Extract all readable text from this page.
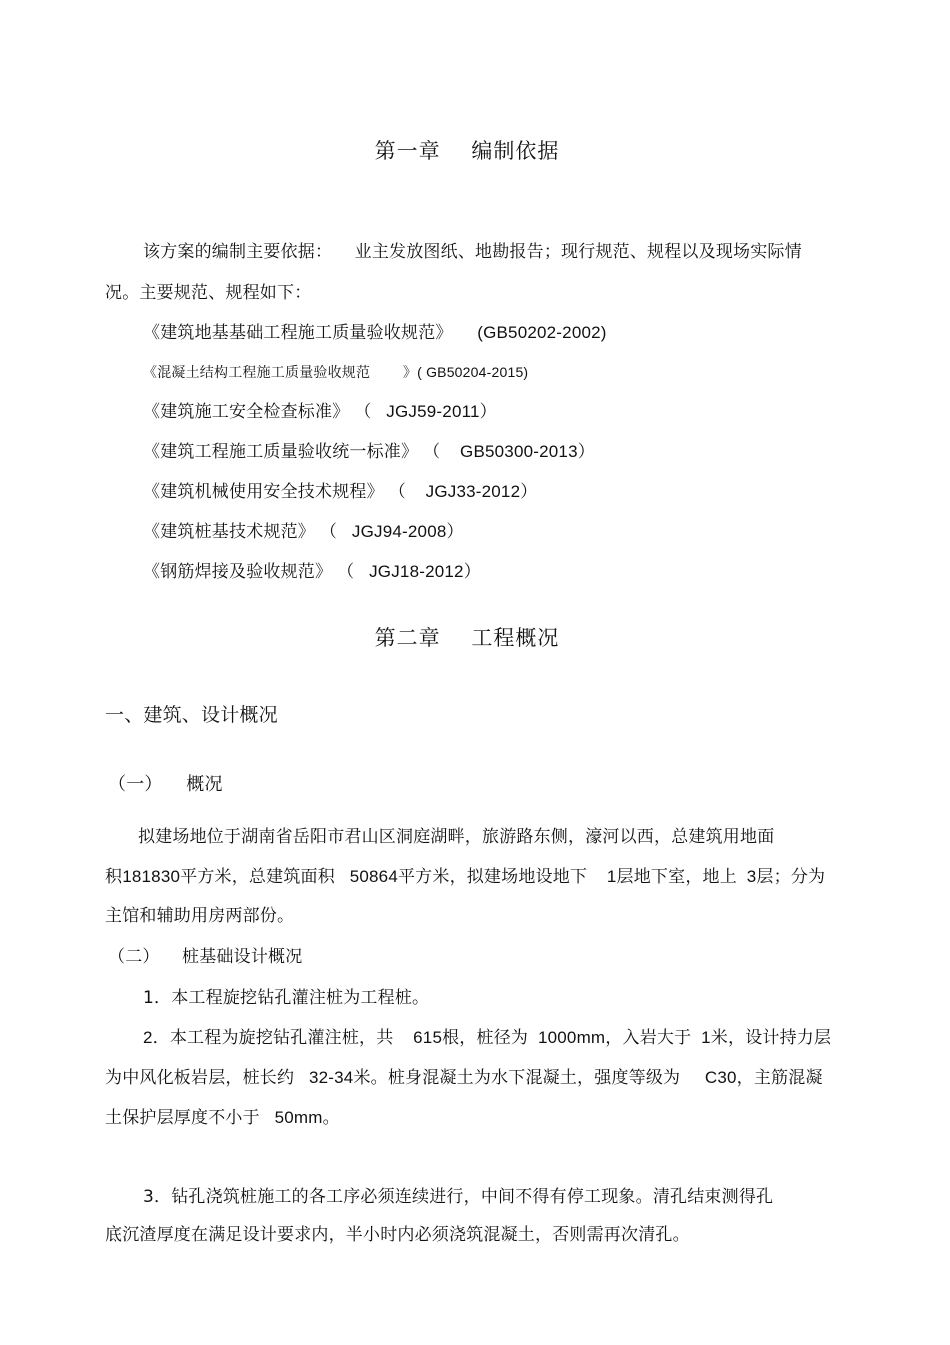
第一章    编制依据
该方案的编制主要依据：    业主发放图纸、地勘报告；现行规范、规程以及现场实际情
况。主要规范、规程如下：
《建筑地基基础工程施工质量验收规范》     (GB50202-2002)
《混凝土结构工程施工质量验收规范        》( GB50204-2015)
《建筑施工安全检查标准》 （   JGJ59-2011）
《建筑工程施工质量验收统一标准》 （    GB50300-2013）
《建筑机械使用安全技术规程》 （    JGJ33-2012）
《建筑桩基技术规范》 （   JGJ94-2008）
《钢筋焊接及验收规范》 （   JGJ18-2012）
第二章    工程概况
一、建筑、设计概况
（一）    概况
拟建场地位于湖南省岳阳市君山区洞庭湖畔，旅游路东侧，濠河以西，总建筑用地面
积181830平方米，总建筑面积   50864平方米，拟建场地设地下    1层地下室，地上  3层；分为
主馆和辅助用房两部份。
（二）    桩基础设计概况
1．本工程旋挖钻孔灌注桩为工程桩。
2．本工程为旋挖钻孔灌注桩，共    615根，桩径为  1000mm，入岩大于  1米，设计持力层
为中风化板岩层，桩长约   32-34米。桩身混凝土为水下混凝土，强度等级为     C30，主筋混凝
土保护层厚度不小于   50mm。
3．钻孔浇筑桩施工的各工序必须连续进行，中间不得有停工现象。清孔结束测得孔
底沉渣厚度在满足设计要求内，半小时内必须浇筑混凝土，否则需再次清孔。
